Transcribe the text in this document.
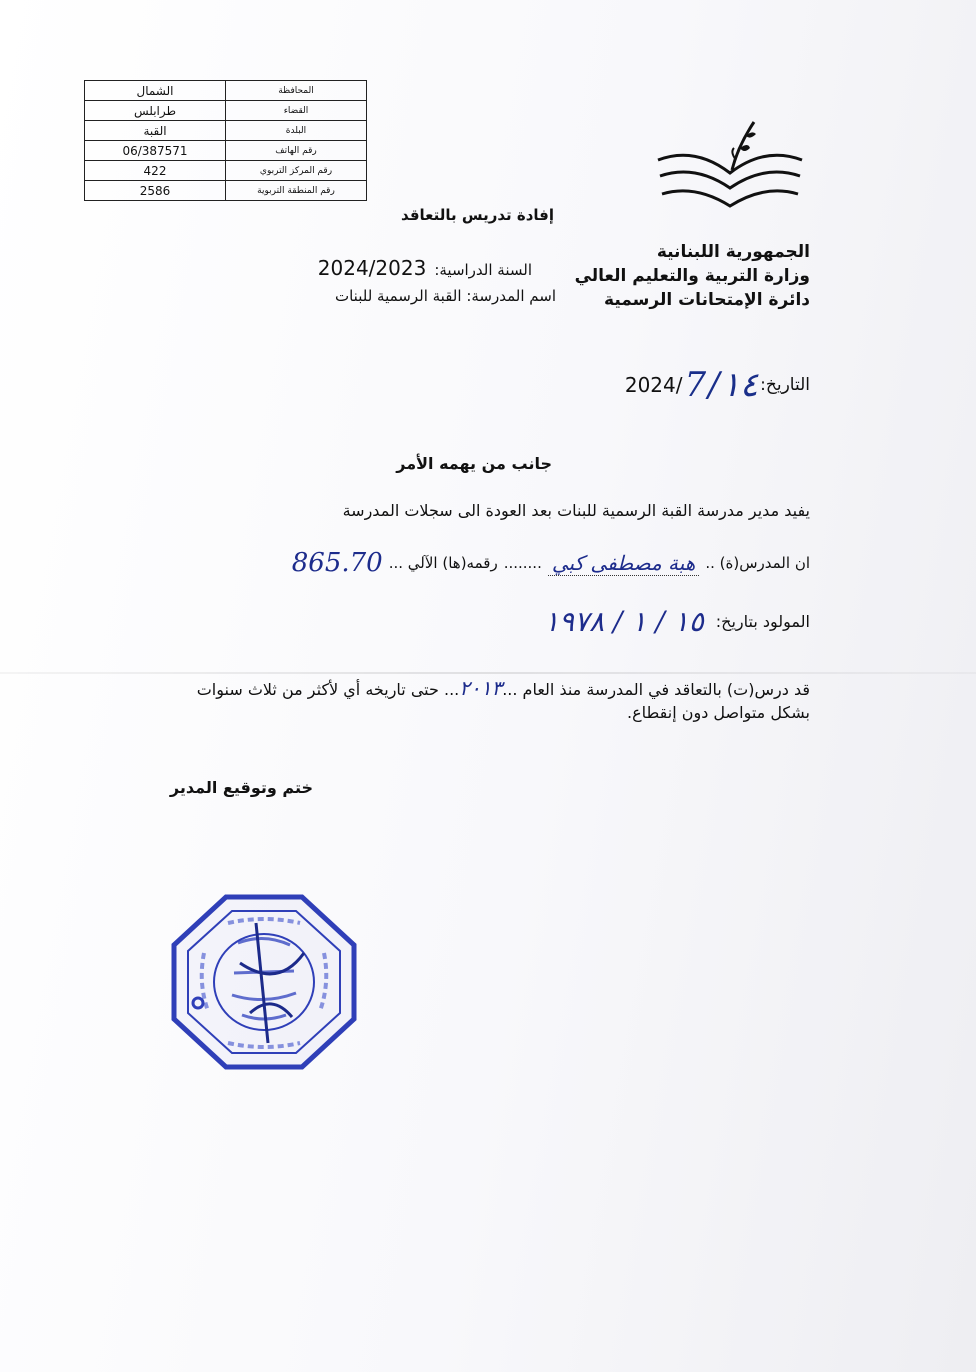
المحافظة	الشمال
القضاء	طرابلس
البلدة	القبة
رقم الهاتف	06/387571
رقم المركز التربوي	422
رقم المنطقة التربوية	2586
الجمهورية اللبنانية
وزارة التربية والتعليم العالي
دائرة الإمتحانات الرسمية
إفادة تدريس بالتعاقد
السنة الدراسية:2024/2023
اسم المدرسة: القبة الرسمية للبنات
التاريخ:
١٤
/
7
2024/
جانب من يهمه الأمر
يفيد مدير مدرسة القبة الرسمية للبنات بعد العودة الى سجلات المدرسة
ان المدرس(ة) ..
هبة مصطفى كبي
........
رقمه(ها) الآلي ...
865.70
المولود بتاريخ:
١٥ / ١ / ١٩٧٨
قد درس(ت) بالتعاقد في المدرسة منذ العام ...٢٠١٣... حتى تاريخه أي لأكثر من ثلاث سنوات
بشكل متواصل دون إنقطاع.
ختم وتوقيع المدير
